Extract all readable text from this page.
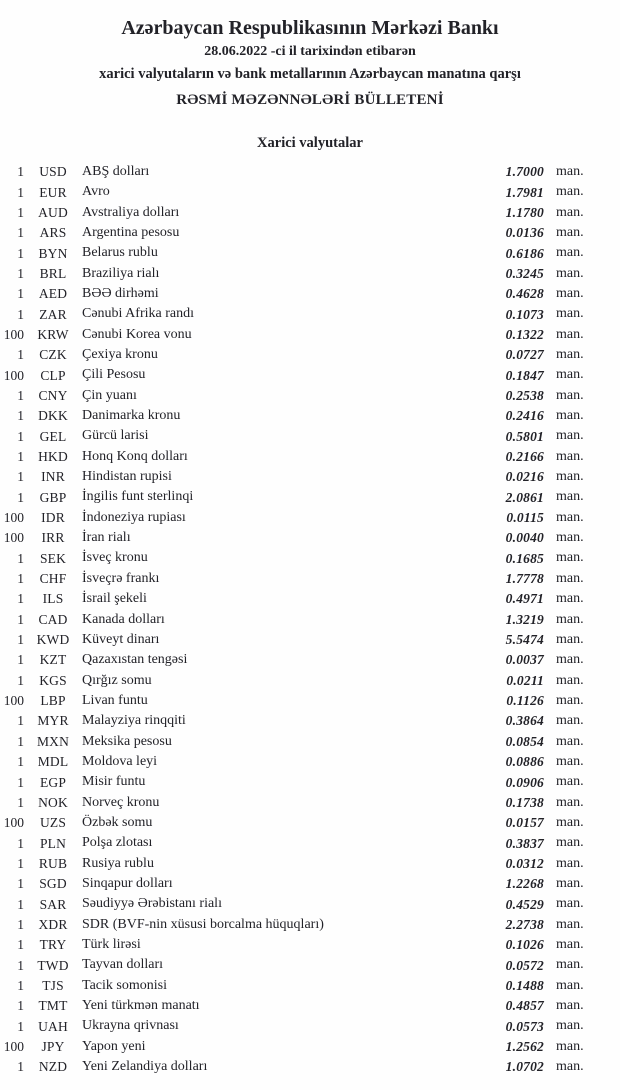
Azərbaycan Respublikasının Mərkəzi Bankı
28.06.2022 -ci il tarixindən etibarən
xarici valyutaların və bank metallarının Azərbaycan manatına qarşı
RƏSMİ MƏZƏNNƏLƏRİ BÜLLETENİ
Xarici valyutalar
1	USD	ABŞ dolları	1.7000 man.
1	EUR	Avro	1.7981 man.
1	AUD	Avstraliya dolları	1.1780 man.
1	ARS	Argentina pesosu	0.0136 man.
1	BYN	Belarus rublu	0.6186 man.
1	BRL	Braziliya rialı	0.3245 man.
1	AED	BƏƏ dirhəmi	0.4628 man.
1	ZAR	Cənubi Afrika randı	0.1073 man.
100 KRW Cənubi Korea vonu	0.1322 man.
1	CZK	Çexiya kronu	0.0727 man.
100	CLP	Çili Pesosu	0.1847 man.
1	CNY	Çin yuanı	0.2538 man.
1	DKK	Danimarka kronu	0.2416 man.
1	GEL	Gürcü larisi	0.5801 man.
1	HKD	Honq Konq dolları	0.2166 man.
1	INR	Hindistan rupisi	0.0216 man.
1	GBP	İngilis funt sterlinqi	2.0861 man.
100	IDR	İndoneziya rupiası	0.0115 man.
100	IRR	İran rialı	0.0040 man.
1	SEK	İsveç kronu	0.1685 man.
1	CHF	İsveçrə frankı	1.7778 man.
1	ILS	İsrail şekeli	0.4971 man.
1	CAD	Kanada dolları	1.3219 man.
1 KWD Küveyt dinarı	5.5474 man.
1	KZT	Qazaxıstan tengəsi	0.0037 man.
1	KGS	Qırğız somu	0.0211 man.
100	LBP	Livan funtu	0.1126 man.
1 MYR Malayziya rinqqiti	0.3864 man.
1 MXN Meksika pesosu	0.0854 man.
1	MDL Moldova leyi	0.0886 man.
1	EGP	Misir funtu	0.0906 man.
1	NOK	Norveç kronu	0.1738 man.
100	UZS	Özbək somu	0.0157 man.
1	PLN	Polşa zlotası	0.3837 man.
1	RUB	Rusiya rublu	0.0312 man.
1	SGD	Sinqapur dolları	1.2268 man.
1	SAR	Səudiyyə Ərəbistanı rialı	0.4529 man.
1	XDR	SDR (BVF-nin xüsusi borcalma hüquqları)	2.2738 man.
1	TRY	Türk lirəsi	0.1026 man.
1 TWD Tayvan dolları	0.0572 man.
1	TJS	Tacik somonisi	0.1488 man.
1	TMT	Yeni türkmən manatı	0.4857 man.
1	UAH	Ukrayna qrivnası	0.0573 man.
100	JPY	Yapon yeni	1.2562 man.
1	NZD	Yeni Zelandiya dolları	1.0702 man.
